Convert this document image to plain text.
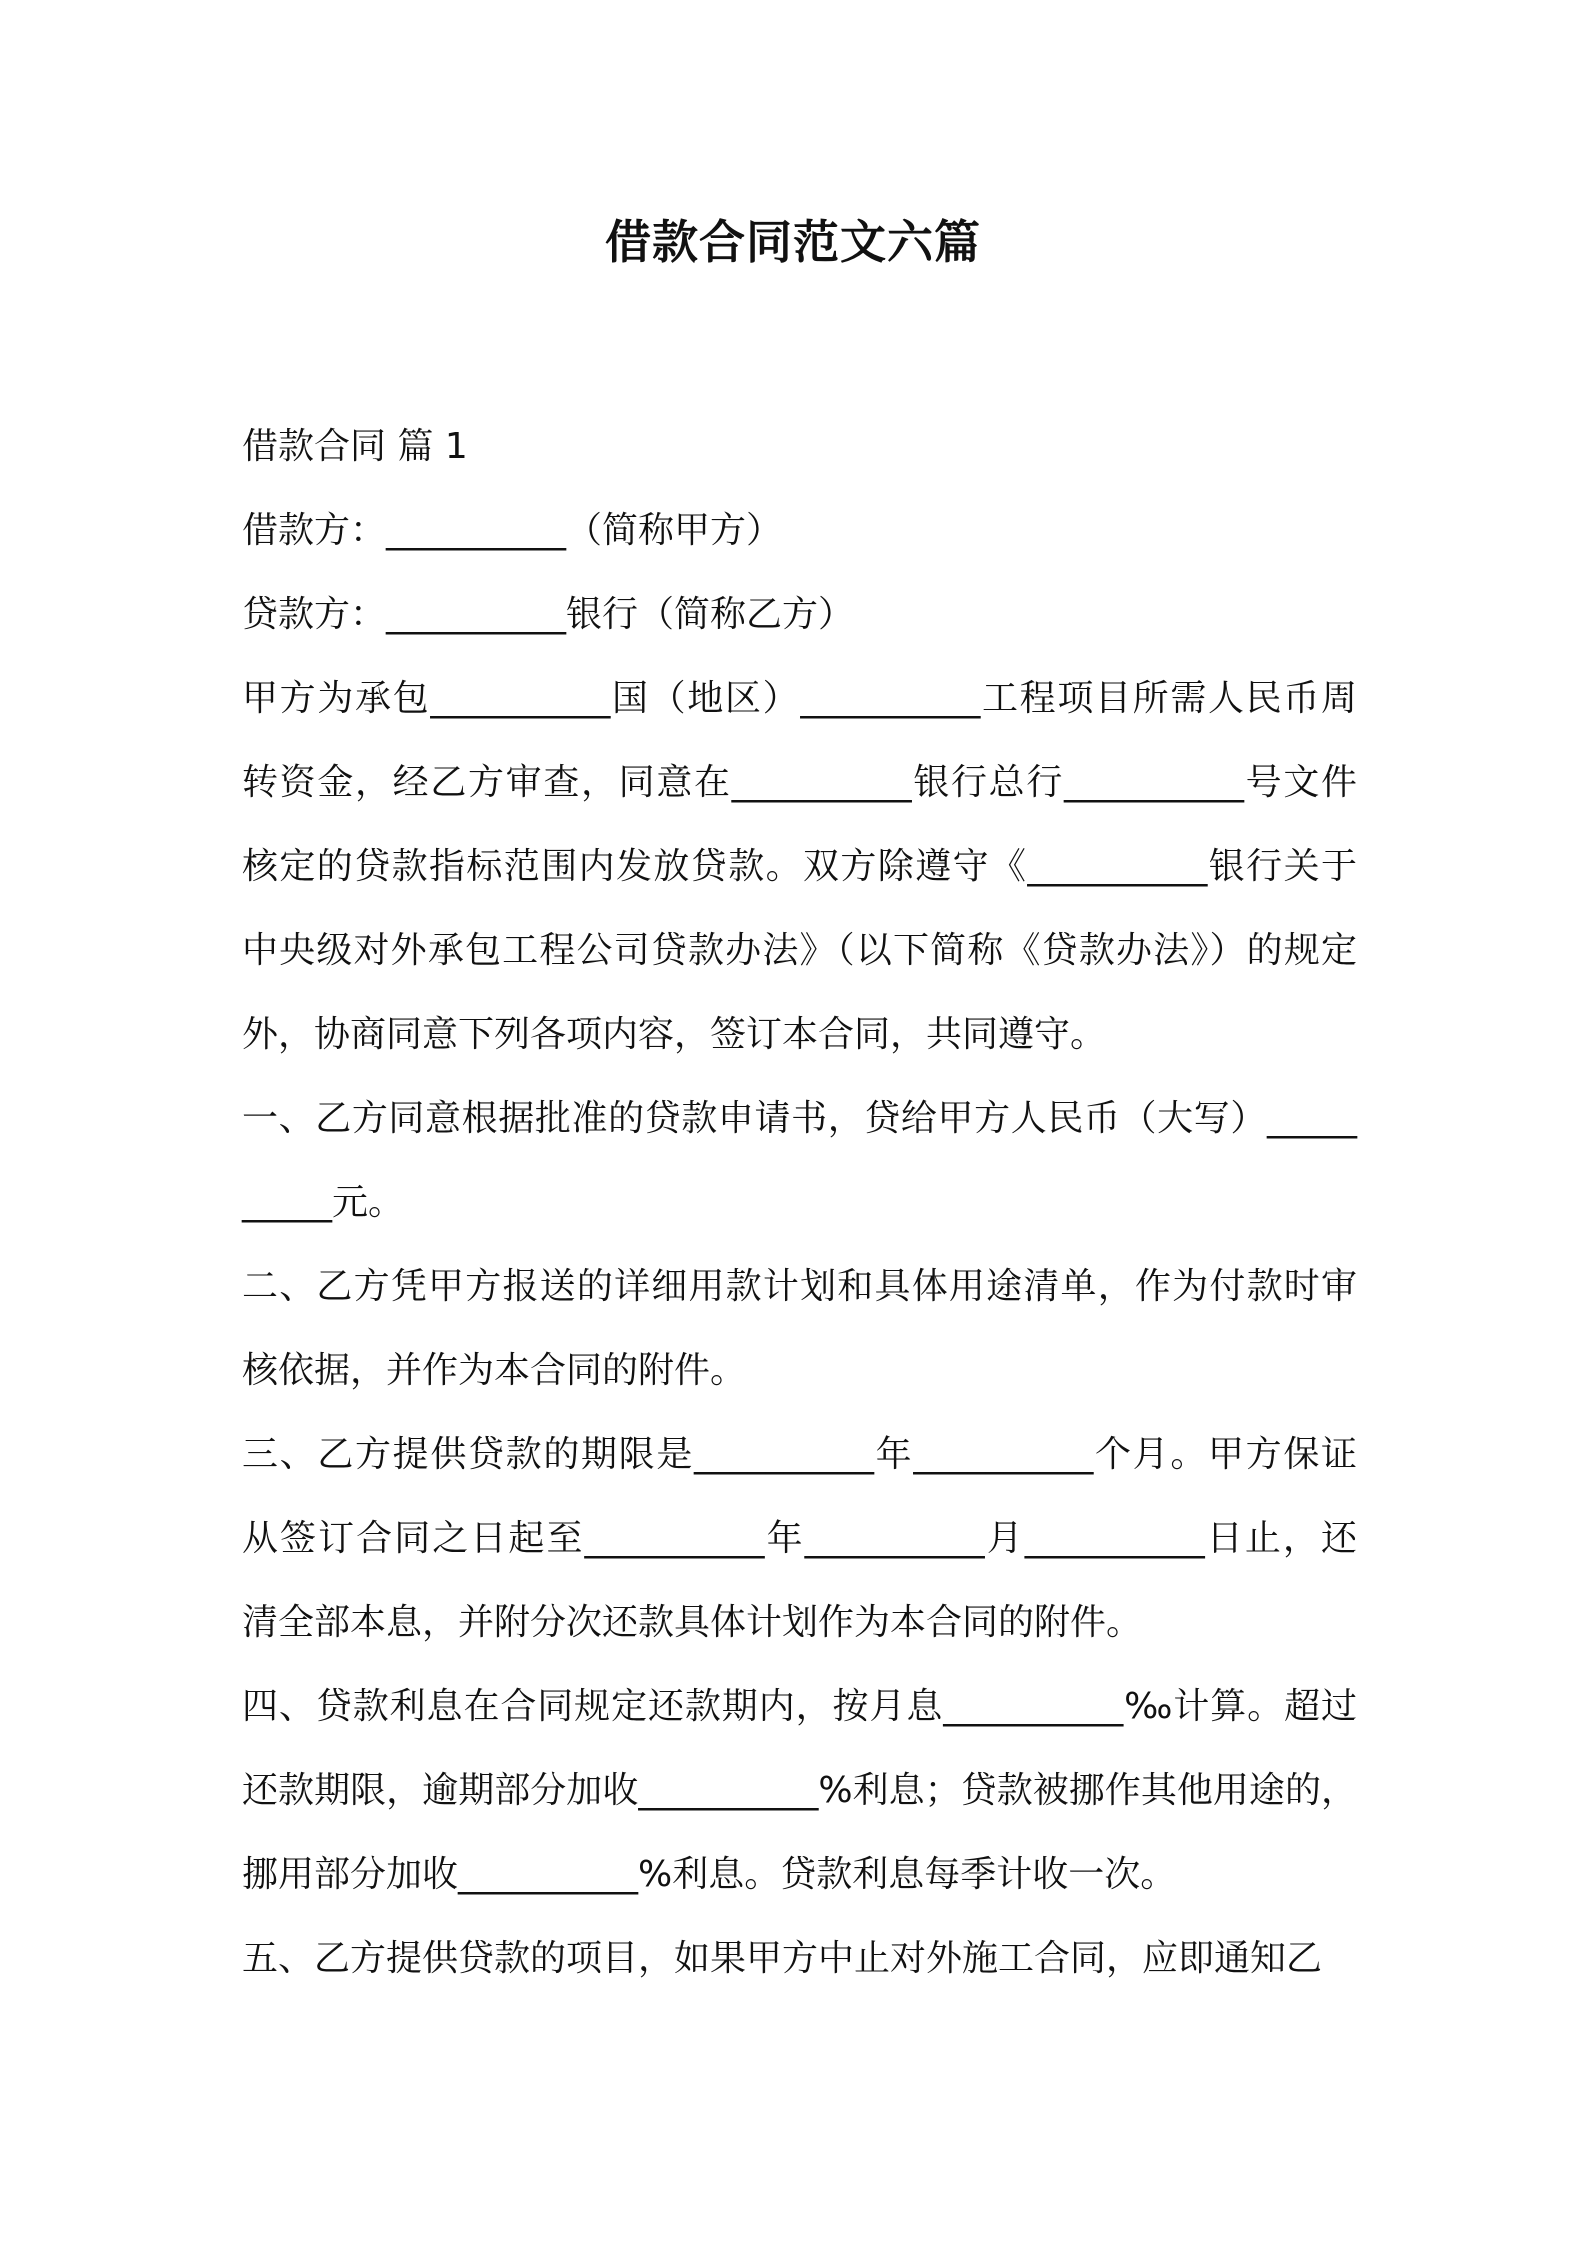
借款合同范文六篇

借款合同 篇 1

借款方：__________（简称甲方）

贷款方：__________银行（简称乙方）

甲方为承包__________国（地区）__________工程项目所需人民币周转资金，经乙方审查，同意在__________银行总行__________号文件核定的贷款指标范围内发放贷款。双方除遵守《__________银行关于中央级对外承包工程公司贷款办法》（以下简称《贷款办法》）的规定外，协商同意下列各项内容，签订本合同，共同遵守。

一、乙方同意根据批准的贷款申请书，贷给甲方人民币（大写）__________元。

二、乙方凭甲方报送的详细用款计划和具体用途清单，作为付款时审核依据，并作为本合同的附件。

三、乙方提供贷款的期限是__________年__________个月。甲方保证从签订合同之日起至__________年__________月__________日止，还清全部本息，并附分次还款具体计划作为本合同的附件。

四、贷款利息在合同规定还款期内，按月息__________‰计算。超过还款期限，逾期部分加收__________%利息；贷款被挪作其他用途的，挪用部分加收__________%利息。贷款利息每季计收一次。

五、乙方提供贷款的项目，如果甲方中止对外施工合同，应即通知乙
